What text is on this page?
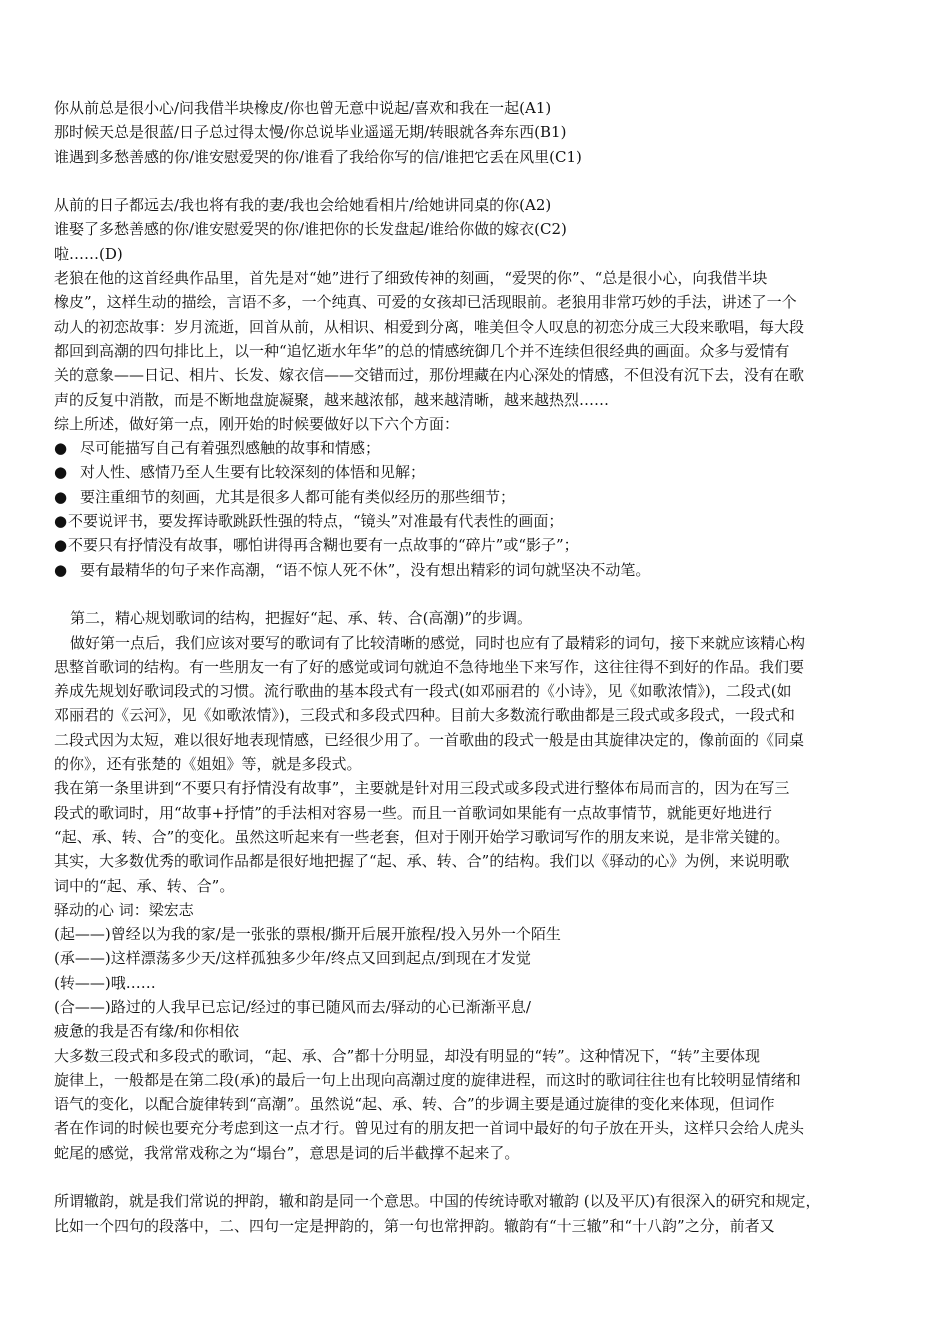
你从前总是很小心/问我借半块橡皮/你也曾无意中说起/喜欢和我在一起(A1)
那时候天总是很蓝/日子总过得太慢/你总说毕业遥遥无期/转眼就各奔东西(B1)
谁遇到多愁善感的你/谁安慰爱哭的你/谁看了我给你写的信/谁把它丢在风里(C1)
从前的日子都远去/我也将有我的妻/我也会给她看相片/给她讲同桌的你(A2)
谁娶了多愁善感的你/谁安慰爱哭的你/谁把你的长发盘起/谁给你做的嫁衣(C2)
啦……(D)
老狼在他的这首经典作品里，首先是对“她”进行了细致传神的刻画，“爱哭的你”、“总是很小心，向我借半块
橡皮”，这样生动的描绘，言语不多，一个纯真、可爱的女孩却已活现眼前。老狼用非常巧妙的手法，讲述了一个
动人的初恋故事：岁月流逝，回首从前，从相识、相爱到分离，唯美但令人叹息的初恋分成三大段来歌唱，每大段
都回到高潮的四句排比上，以一种“追忆逝水年华”的总的情感统御几个并不连续但很经典的画面。众多与爱情有
关的意象——日记、相片、长发、嫁衣信——交错而过，那份埋藏在内心深处的情感，不但没有沉下去，没有在歌
声的反复中消散，而是不断地盘旋凝聚，越来越浓郁，越来越清晰，越来越热烈……
综上所述，做好第一点，刚开始的时候要做好以下六个方面：
● 尽可能描写自己有着强烈感触的故事和情感；
● 对人性、感情乃至人生要有比较深刻的体悟和见解；
● 要注重细节的刻画，尤其是很多人都可能有类似经历的那些细节；
●不要说评书，要发挥诗歌跳跃性强的特点，“镜头”对准最有代表性的画面；
●不要只有抒情没有故事，哪怕讲得再含糊也要有一点故事的“碎片”或“影子”；
● 要有最精华的句子来作高潮，“语不惊人死不休”，没有想出精彩的词句就坚决不动笔。
第二，精心规划歌词的结构，把握好“起、承、转、合(高潮)”的步调。
做好第一点后，我们应该对要写的歌词有了比较清晰的感觉，同时也应有了最精彩的词句，接下来就应该精心构
思整首歌词的结构。有一些朋友一有了好的感觉或词句就迫不急待地坐下来写作，这往往得不到好的作品。我们要
养成先规划好歌词段式的习惯。流行歌曲的基本段式有一段式(如邓丽君的《小诗》，见《如歌浓情》)，二段式(如
邓丽君的《云河》，见《如歌浓情》)，三段式和多段式四种。目前大多数流行歌曲都是三段式或多段式，一段式和
二段式因为太短，难以很好地表现情感，已经很少用了。一首歌曲的段式一般是由其旋律决定的，像前面的《同桌
的你》，还有张楚的《姐姐》等，就是多段式。
我在第一条里讲到“不要只有抒情没有故事”，主要就是针对用三段式或多段式进行整体布局而言的，因为在写三
段式的歌词时，用“故事+抒情”的手法相对容易一些。而且一首歌词如果能有一点故事情节，就能更好地进行
“起、承、转、合”的变化。虽然这听起来有一些老套，但对于刚开始学习歌词写作的朋友来说，是非常关键的。
其实，大多数优秀的歌词作品都是很好地把握了“起、承、转、合”的结构。我们以《驿动的心》为例，来说明歌
词中的“起、承、转、合”。
驿动的心 词：梁宏志
(起——)曾经以为我的家/是一张张的票根/撕开后展开旅程/投入另外一个陌生
(承——)这样漂荡多少天/这样孤独多少年/终点又回到起点/到现在才发觉
(转——)哦……
(合——)路过的人我早已忘记/经过的事已随风而去/驿动的心已渐渐平息/
疲惫的我是否有缘/和你相依
大多数三段式和多段式的歌词，“起、承、合”都十分明显，却没有明显的“转”。这种情况下，“转”主要体现
旋律上，一般都是在第二段(承)的最后一句上出现向高潮过度的旋律进程，而这时的歌词往往也有比较明显情绪和
语气的变化，以配合旋律转到“高潮”。虽然说“起、承、转、合”的步调主要是通过旋律的变化来体现，但词作
者在作词的时候也要充分考虑到这一点才行。曾见过有的朋友把一首词中最好的句子放在开头，这样只会给人虎头
蛇尾的感觉，我常常戏称之为“塌台”，意思是词的后半截撑不起来了。
所谓辙韵，就是我们常说的押韵，辙和韵是同一个意思。中国的传统诗歌对辙韵 (以及平仄)有很深入的研究和规定，
比如一个四句的段落中，二、四句一定是押韵的，第一句也常押韵。辙韵有“十三辙”和“十八韵”之分，前者又
